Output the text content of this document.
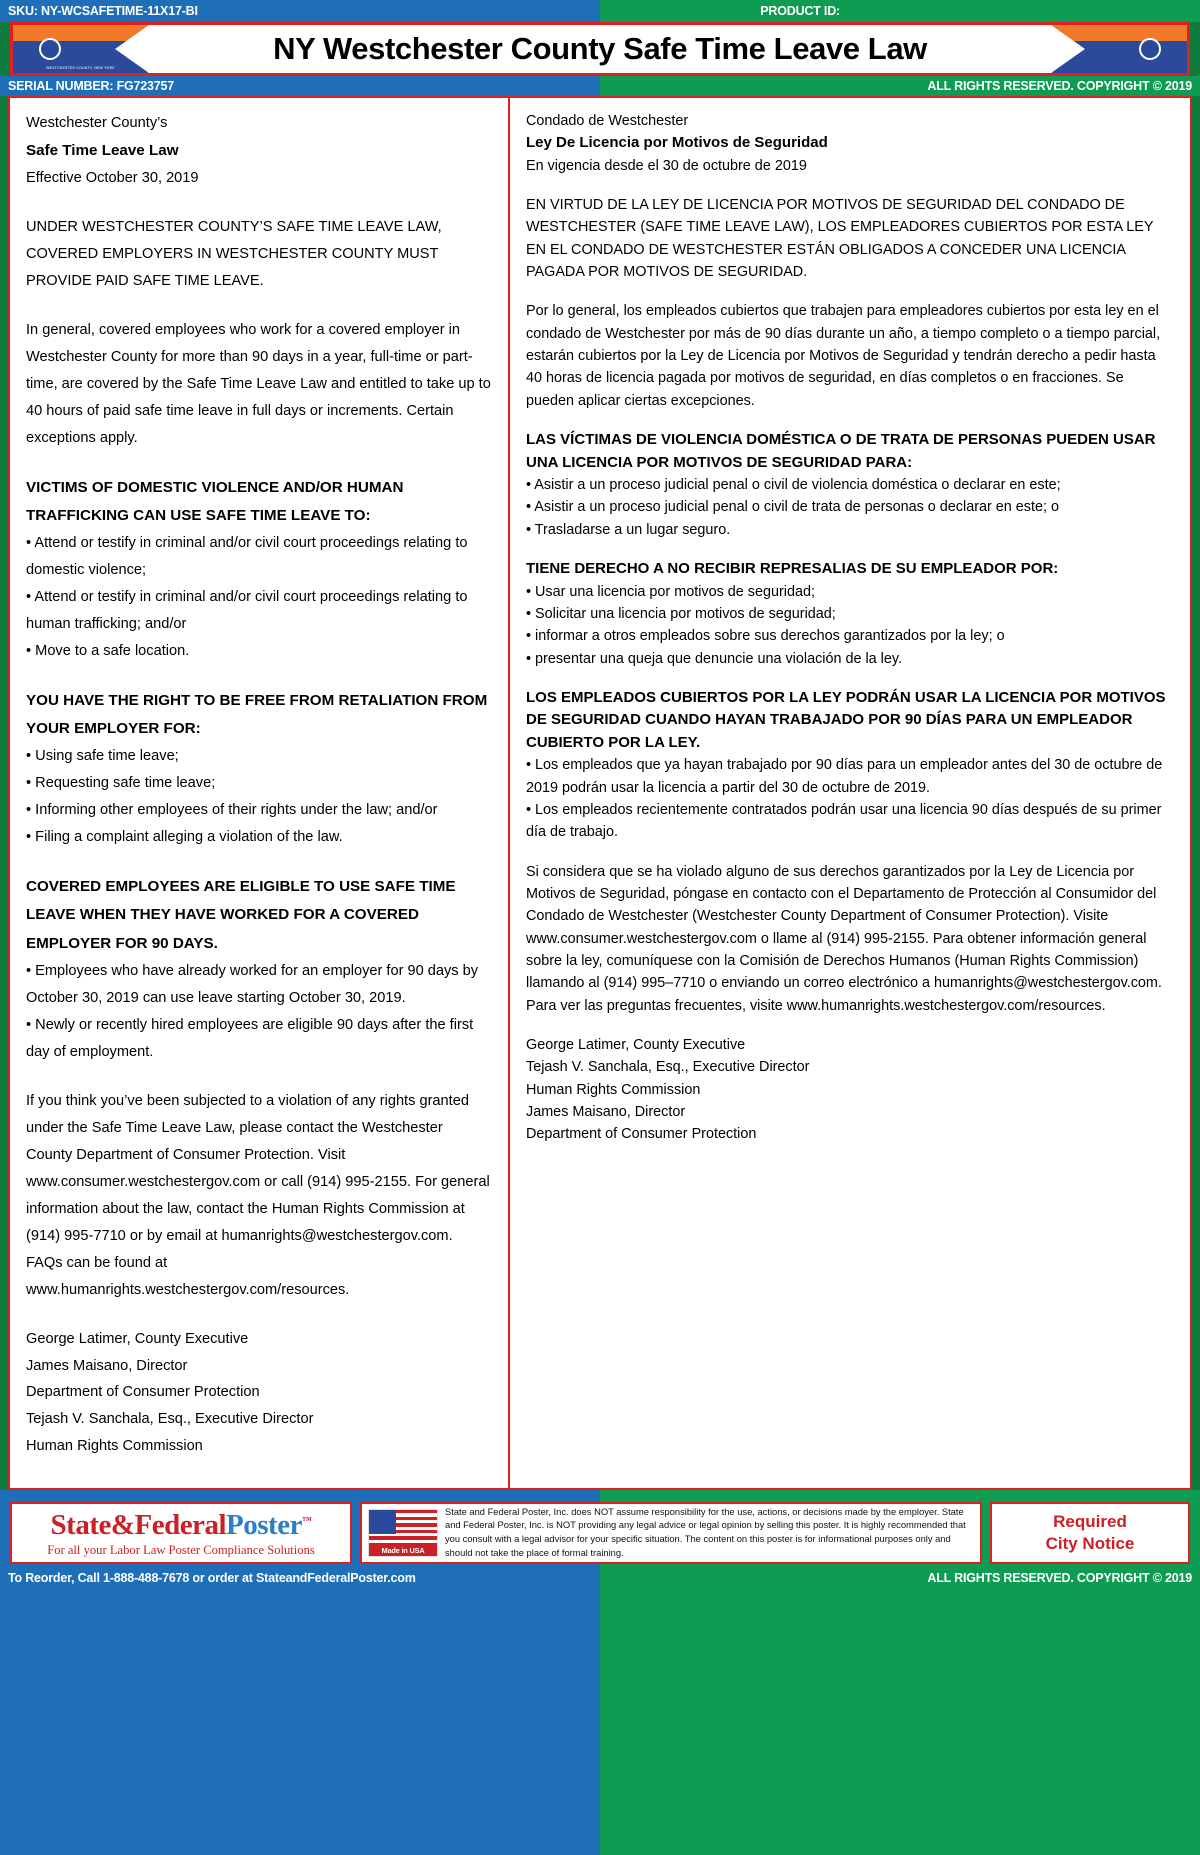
SKU: NY-WCSAFETIME-11X17-BI	PRODUCT ID:
WESTCHESTER COUNTY, NEW YORK
NY Westchester County Safe Time Leave Law
SERIAL NUMBER: FG723757	ALL RIGHTS RESERVED. COPYRIGHT © 2019
Westchester County’s
Safe Time Leave Law
Effective October 30, 2019
UNDER WESTCHESTER COUNTY’S SAFE TIME LEAVE LAW, COVERED EMPLOYERS IN WESTCHESTER COUNTY MUST PROVIDE PAID SAFE TIME LEAVE.
In general, covered employees who work for a covered employer in Westchester County for more than 90 days in a year, full-time or part-time, are covered by the Safe Time Leave Law and entitled to take up to 40 hours of paid safe time leave in full days or increments. Certain exceptions apply.
VICTIMS OF DOMESTIC VIOLENCE AND/OR HUMAN TRAFFICKING CAN USE SAFE TIME LEAVE TO:
• Attend or testify in criminal and/or civil court proceedings relating to domestic violence;
• Attend or testify in criminal and/or civil court proceedings relating to human trafficking; and/or
• Move to a safe location.
YOU HAVE THE RIGHT TO BE FREE FROM RETALIATION FROM YOUR EMPLOYER FOR:
• Using safe time leave;
• Requesting safe time leave;
• Informing other employees of their rights under the law; and/or
• Filing a complaint alleging a violation of the law.
COVERED EMPLOYEES ARE ELIGIBLE TO USE SAFE TIME LEAVE WHEN THEY HAVE WORKED FOR A COVERED EMPLOYER FOR 90 DAYS.
• Employees who have already worked for an employer for 90 days by October 30, 2019 can use leave starting October 30, 2019.
• Newly or recently hired employees are eligible 90 days after the first day of employment.
If you think you’ve been subjected to a violation of any rights granted under the Safe Time Leave Law, please contact the Westchester County Department of Consumer Protection. Visit www.consumer.westchestergov.com or call (914) 995-2155. For general information about the law, contact the Human Rights Commission at (914) 995-7710 or by email at humanrights@westchestergov.com. FAQs can be found at www.humanrights.westchestergov.com/resources.
George Latimer, County Executive
James Maisano, Director
Department of Consumer Protection
Tejash V. Sanchala, Esq., Executive Director
Human Rights Commission
Condado de Westchester
Ley De Licencia por Motivos de Seguridad
En vigencia desde el 30 de octubre de 2019
EN VIRTUD DE LA LEY DE LICENCIA POR MOTIVOS DE SEGURIDAD DEL CONDADO DE WESTCHESTER (SAFE TIME LEAVE LAW), LOS EMPLEADORES CUBIERTOS POR ESTA LEY EN EL CONDADO DE WESTCHESTER ESTÁN OBLIGADOS A CONCEDER UNA LICENCIA PAGADA POR MOTIVOS DE SEGURIDAD.
Por lo general, los empleados cubiertos que trabajen para empleadores cubiertos por esta ley en el condado de Westchester por más de 90 días durante un año, a tiempo completo o a tiempo parcial, estarán cubiertos por la Ley de Licencia por Motivos de Seguridad y tendrán derecho a pedir hasta 40 horas de licencia pagada por motivos de seguridad, en días completos o en fracciones. Se pueden aplicar ciertas excepciones.
LAS VÍCTIMAS DE VIOLENCIA DOMÉSTICA O DE TRATA DE PERSONAS PUEDEN USAR UNA LICENCIA POR MOTIVOS DE SEGURIDAD PARA:
• Asistir a un proceso judicial penal o civil de violencia doméstica o declarar en este;
• Asistir a un proceso judicial penal o civil de trata de personas o declarar en este; o
• Trasladarse a un lugar seguro.
TIENE DERECHO A NO RECIBIR REPRESALIAS DE SU EMPLEADOR POR:
• Usar una licencia por motivos de seguridad;
• Solicitar una licencia por motivos de seguridad;
• informar a otros empleados sobre sus derechos garantizados por la ley; o
• presentar una queja que denuncie una violación de la ley.
LOS EMPLEADOS CUBIERTOS POR LA LEY PODRÁN USAR LA LICENCIA POR MOTIVOS DE SEGURIDAD CUANDO HAYAN TRABAJADO POR 90 DÍAS PARA UN EMPLEADOR CUBIERTO POR LA LEY.
• Los empleados que ya hayan trabajado por 90 días para un empleador antes del 30 de octubre de 2019 podrán usar la licencia a partir del 30 de octubre de 2019.
• Los empleados recientemente contratados podrán usar una licencia 90 días después de su primer día de trabajo.
Si considera que se ha violado alguno de sus derechos garantizados por la Ley de Licencia por Motivos de Seguridad, póngase en contacto con el Departamento de Protección al Consumidor del Condado de Westchester (Westchester County Department of Consumer Protection). Visite www.consumer.westchestergov.com o llame al (914) 995-2155. Para obtener información general sobre la ley, comuníquese con la Comisión de Derechos Humanos (Human Rights Commission) llamando al (914) 995–7710 o enviando un correo electrónico a humanrights@westchestergov.com. Para ver las preguntas frecuentes, visite www.humanrights.westchestergov.com/resources.
George Latimer, County Executive
Tejash V. Sanchala, Esq., Executive Director
Human Rights Commission
James Maisano, Director
Department of Consumer Protection
State&FederalPoster™
For all your Labor Law Poster Compliance Solutions	Made in USA
State and Federal Poster, Inc. does NOT assume responsibility for the use, actions, or decisions made by the employer. State and Federal Poster, Inc. is NOT providing any legal advice or legal opinion by selling this poster. It is highly recommended that you consult with a legal advisor for your specific situation. The content on this poster is for informational purposes only and should not take the place of formal training.
Required
City Notice
To Reorder, Call 1-888-488-7678 or order at StateandFederalPoster.com	ALL RIGHTS RESERVED. COPYRIGHT © 2019
